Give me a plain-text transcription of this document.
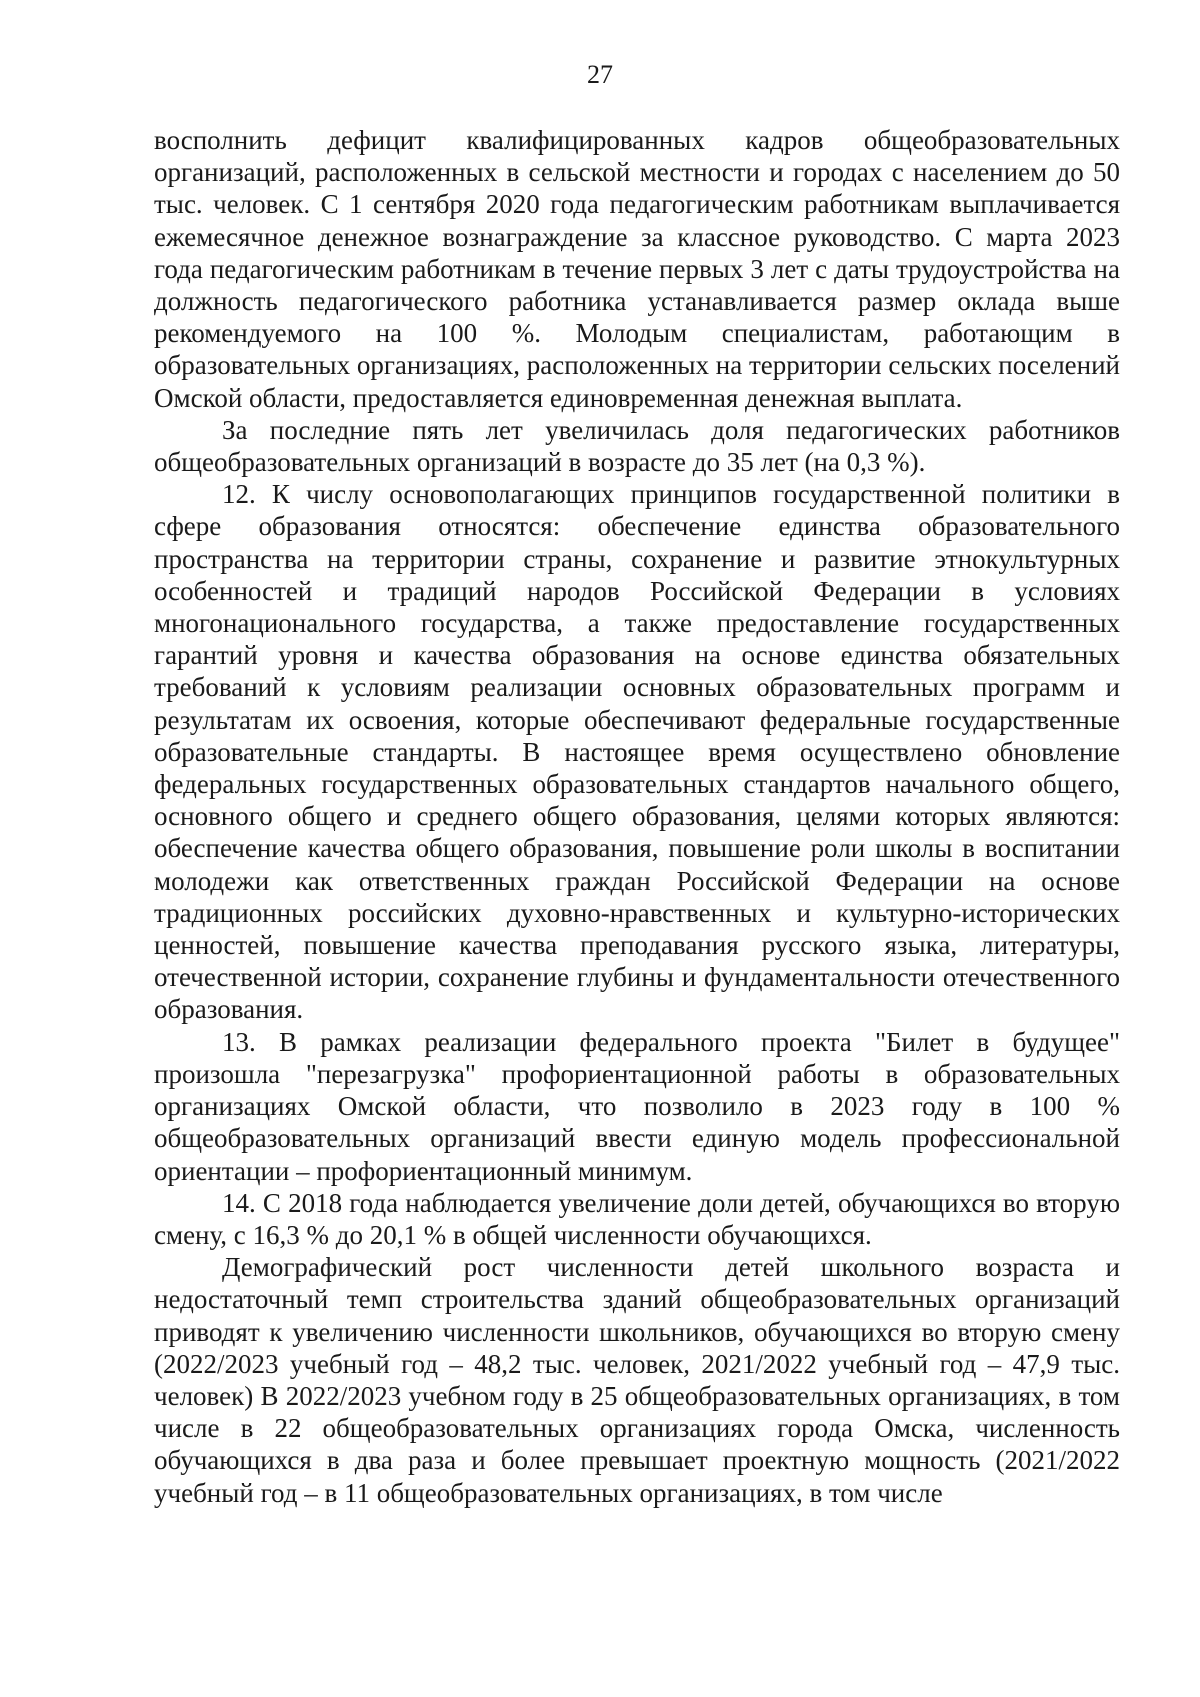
27

восполнить дефицит квалифицированных кадров общеобразовательных организаций, расположенных в сельской местности и городах с населением до 50 тыс. человек. С 1 сентября 2020 года педагогическим работникам выплачивается ежемесячное денежное вознаграждение за классное руководство. С марта 2023 года педагогическим работникам в течение первых 3 лет с даты трудоустройства на должность педагогического работника устанавливается размер оклада выше рекомендуемого на 100 %. Молодым специалистам, работающим в образовательных организациях, расположенных на территории сельских поселений Омской области, предоставляется единовременная денежная выплата.

За последние пять лет увеличилась доля педагогических работников общеобразовательных организаций в возрасте до 35 лет (на 0,3 %).

12. К числу основополагающих принципов государственной политики в сфере образования относятся: обеспечение единства образовательного пространства на территории страны, сохранение и развитие этнокультурных особенностей и традиций народов Российской Федерации в условиях многонационального государства, а также предоставление государственных гарантий уровня и качества образования на основе единства обязательных требований к условиям реализации основных образовательных программ и результатам их освоения, которые обеспечивают федеральные государственные образовательные стандарты. В настоящее время осуществлено обновление федеральных государственных образовательных стандартов начального общего, основного общего и среднего общего образования, целями которых являются: обеспечение качества общего образования, повышение роли школы в воспитании молодежи как ответственных граждан Российской Федерации на основе традиционных российских духовно-нравственных и культурно-исторических ценностей, повышение качества преподавания русского языка, литературы, отечественной истории, сохранение глубины и фундаментальности отечественного образования.

13. В рамках реализации федерального проекта "Билет в будущее" произошла "перезагрузка" профориентационной работы в образовательных организациях Омской области, что позволило в 2023 году в 100 % общеобразовательных организаций ввести единую модель профессиональной ориентации – профориентационный минимум.

14. С 2018 года наблюдается увеличение доли детей, обучающихся во вторую смену, с 16,3 % до 20,1 % в общей численности обучающихся.

Демографический рост численности детей школьного возраста и недостаточный темп строительства зданий общеобразовательных организаций приводят к увеличению численности школьников, обучающихся во вторую смену (2022/2023 учебный год – 48,2 тыс. человек, 2021/2022 учебный год – 47,9 тыс. человек) В 2022/2023 учебном году в 25 общеобразовательных организациях, в том числе в 22 общеобразовательных организациях города Омска, численность обучающихся в два раза и более превышает проектную мощность (2021/2022 учебный год – в 11 общеобразовательных организациях, в том числе
